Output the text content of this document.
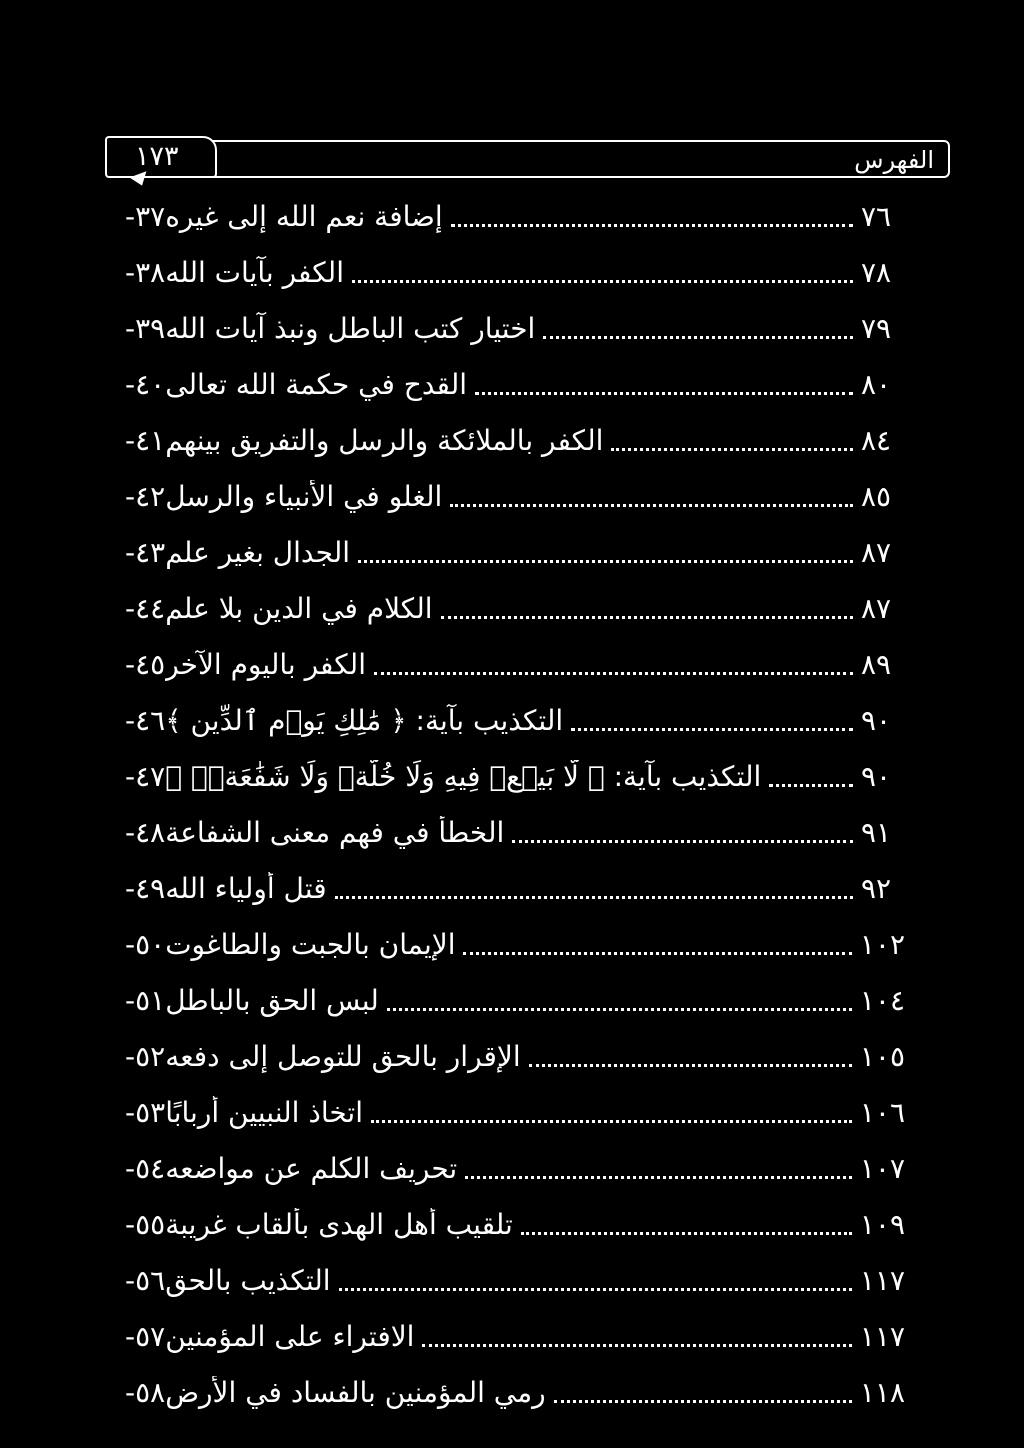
الفهرس
١٧٣
٣٧- إضافة نعم الله إلى غيره	٧٦
٣٨- الكفر بآيات الله	٧٨
٣٩- اختيار كتب الباطل ونبذ آيات الله	٧٩
٤٠- القدح في حكمة الله تعالى	٨٠
٤١- الكفر بالملائكة والرسل والتفريق بينهم	٨٤
٤٢- الغلو في الأنبياء والرسل	٨٥
٤٣- الجدال بغير علم	٨٧
٤٤- الكلام في الدين بلا علم	٨٧
٤٥- الكفر باليوم الآخر	٨٩
٤٦- التكذيب بآية: ﴿ مَٰلِكِ يَوۡمِ ٱلدِّينِ ﴾	٩٠
٤٧- التكذيب بآية: ﴿ لَّا بَيۡعٞ فِيهِ وَلَا خُلَّةٞ وَلَا شَفَٰعَةٞۗ ﴾	٩٠
٤٨- الخطأ في فهم معنى الشفاعة	٩١
٤٩- قتل أولياء الله	٩٢
٥٠- الإيمان بالجبت والطاغوت	١٠٢
٥١- لبس الحق بالباطل	١٠٤
٥٢- الإقرار بالحق للتوصل إلى دفعه	١٠٥
٥٣- اتخاذ النبيين أربابًا	١٠٦
٥٤- تحريف الكلم عن مواضعه	١٠٧
٥٥- تلقيب أهل الهدى بألقاب غريبة	١٠٩
٥٦- التكذيب بالحق	١١٧
٥٧- الافتراء على المؤمنين	١١٧
٥٨- رمي المؤمنين بالفساد في الأرض	١١٨
